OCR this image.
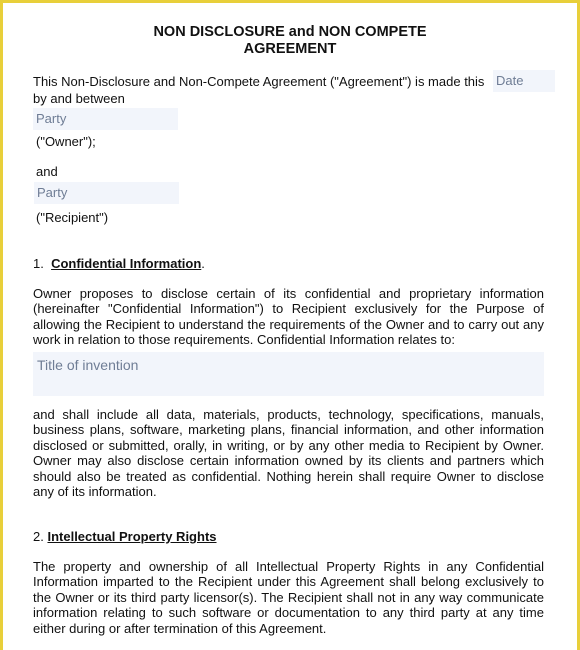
NON DISCLOSURE and NON COMPETE
AGREEMENT
This Non-Disclosure and Non-Compete Agreement ("Agreement") is made this Date
by and between
Party
("Owner");
and
Party
("Recipient")
1. Confidential Information.
Owner proposes to disclose certain of its confidential and proprietary information (hereinafter "Confidential Information") to Recipient exclusively for the Purpose of allowing the Recipient to understand the requirements of the Owner and to carry out any work in relation to those requirements. Confidential Information relates to:
Title of invention
and shall include all data, materials, products, technology, specifications, manuals, business plans, software, marketing plans, financial information, and other information disclosed or submitted, orally, in writing, or by any other media to Recipient by Owner. Owner may also disclose certain information owned by its clients and partners which should also be treated as confidential. Nothing herein shall require Owner to disclose any of its information.
2. Intellectual Property Rights
The property and ownership of all Intellectual Property Rights in any Confidential Information imparted to the Recipient under this Agreement shall belong exclusively to the Owner or its third party licensor(s). The Recipient shall not in any way communicate information relating to such software or documentation to any third party at any time either during or after termination of this Agreement.
